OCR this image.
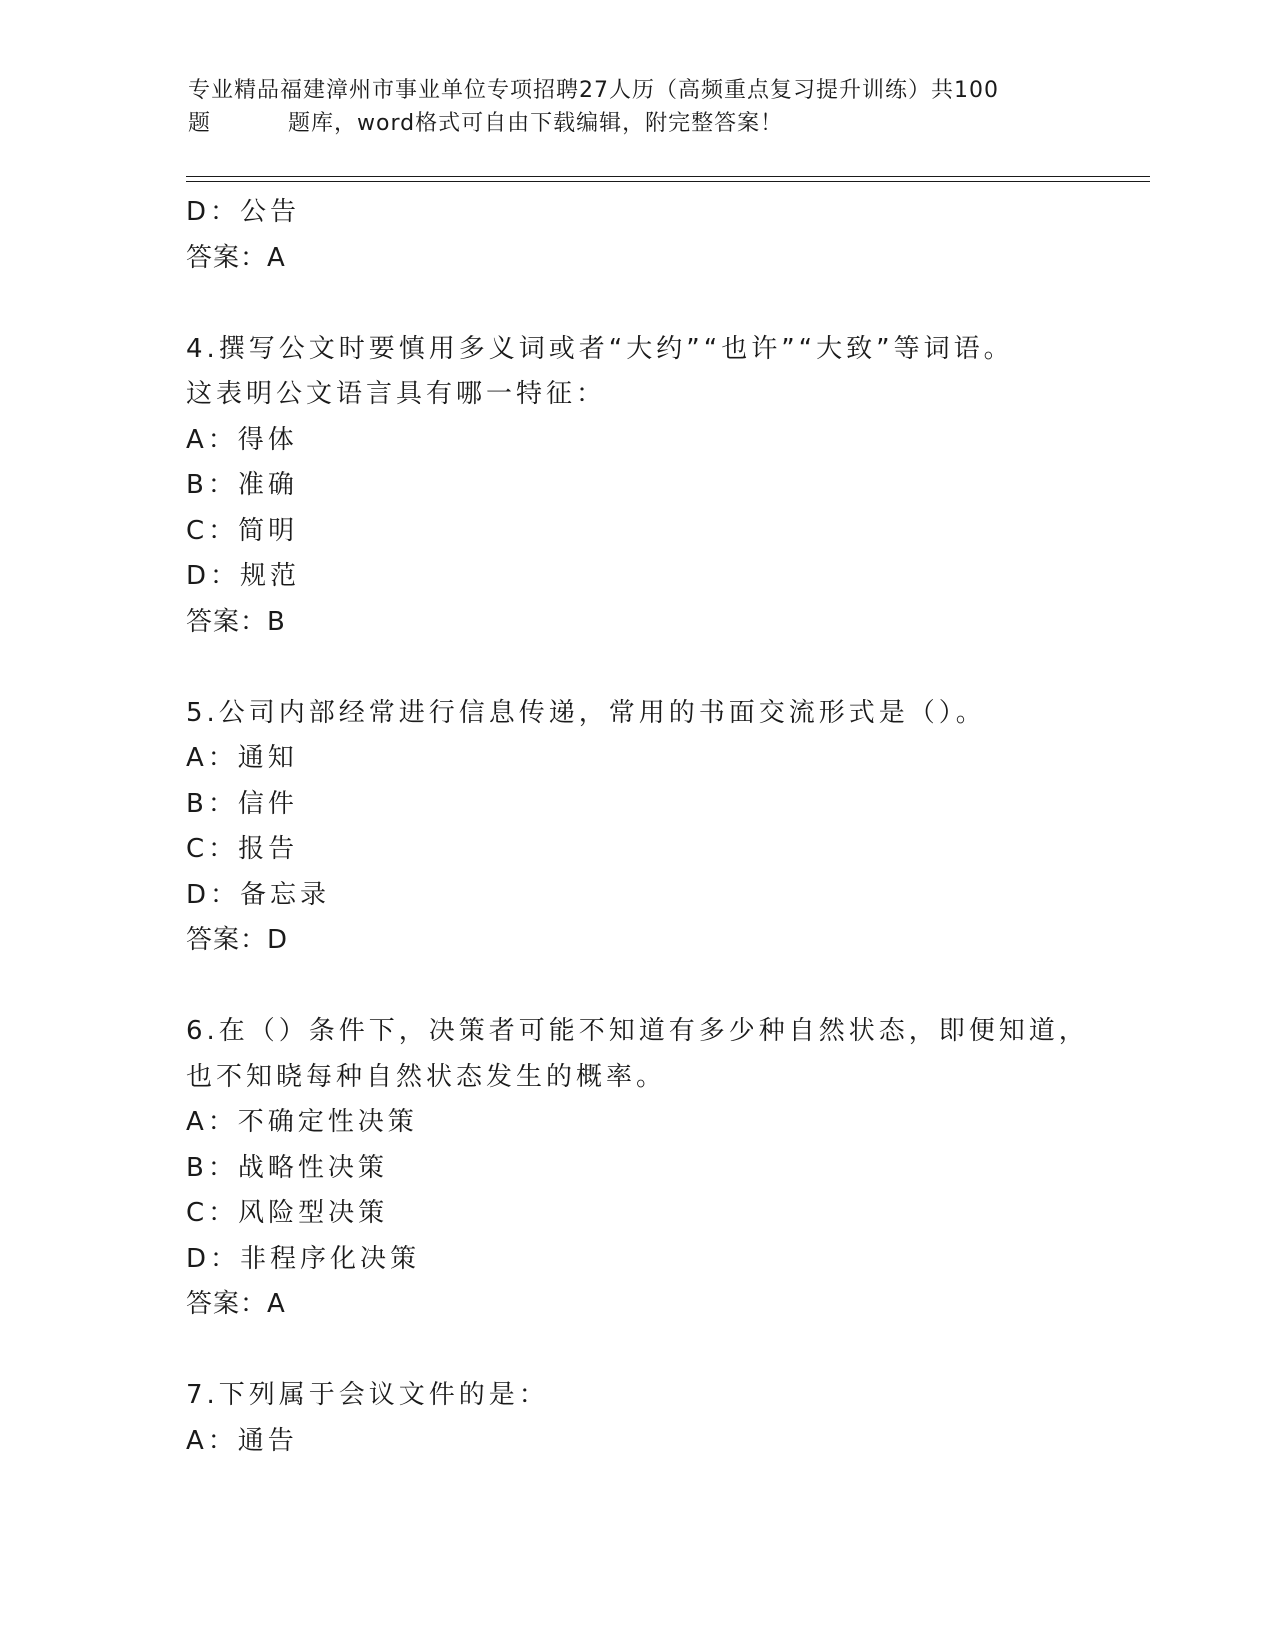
专业精品福建漳州市事业单位专项招聘27人历（高频重点复习提升训练）共100
题	题库，word格式可自由下载编辑，附完整答案！
D：公告
答案：A
4.撰写公文时要慎用多义词或者“大约”“也许”“大致”等词语。
这表明公文语言具有哪一特征：
A：得体
B：准确
C：简明
D：规范
答案：B
5.公司内部经常进行信息传递，常用的书面交流形式是（）。
A：通知
B：信件
C：报告
D：备忘录
答案：D
6.在（）条件下，决策者可能不知道有多少种自然状态，即便知道，
也不知晓每种自然状态发生的概率。
A：不确定性决策
B：战略性决策
C：风险型决策
D：非程序化决策
答案：A
7.下列属于会议文件的是：
A：通告
